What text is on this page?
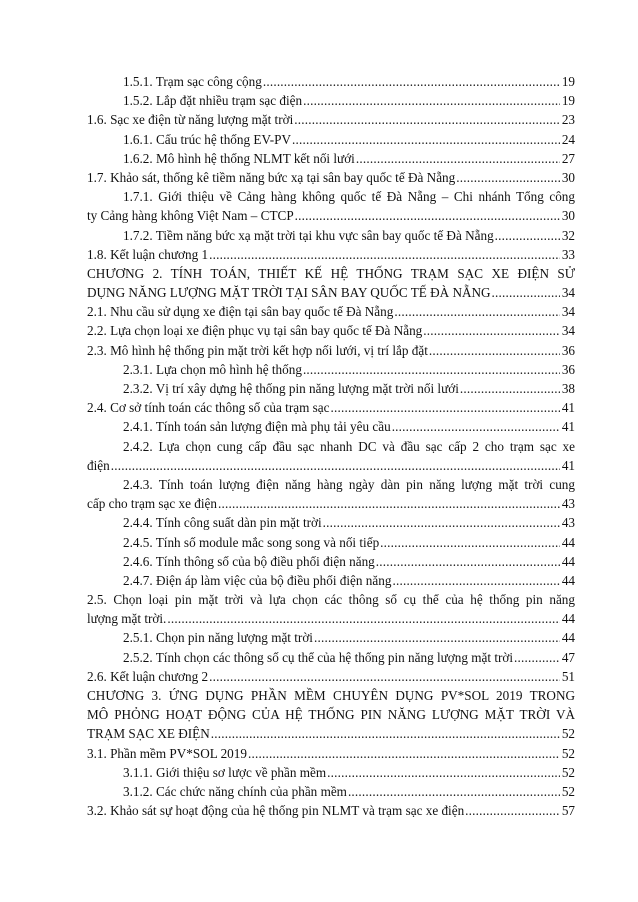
1.5.1. Trạm sạc công cộng .....	19
1.5.2. Lắp đặt nhiều trạm sạc điện .....	19
1.6. Sạc xe điện từ năng lượng mặt trời .....	23
1.6.1. Cấu trúc hệ thống EV-PV .....	24
1.6.2. Mô hình hệ thống NLMT kết nối lưới .....	27
1.7. Khảo sát, thống kê tiềm năng bức xạ tại sân bay quốc tế Đà Nẵng .....	30
1.7.1. Giới thiệu về Cảng hàng không quốc tế Đà Nẵng – Chi nhánh Tổng công
ty Cảng hàng không Việt Nam – CTCP .....	30
1.7.2. Tiềm năng bức xạ mặt trời tại khu vực sân bay quốc tế Đà Nẵng .....	32
1.8. Kết luận chương 1 .....	33
CHƯƠNG 2. TÍNH TOÁN, THIẾT KẾ HỆ THỐNG TRẠM SẠC XE ĐIỆN SỬ
DỤNG NĂNG LƯỢNG MẶT TRỜI TẠI SÂN BAY QUỐC TẾ ĐÀ NẴNG .....	34
2.1. Nhu cầu sử dụng xe điện tại sân bay quốc tế Đà Nẵng .....	34
2.2. Lựa chọn loại xe điện phục vụ tại sân bay quốc tế Đà Nẵng .....	34
2.3. Mô hình hệ thống pin mặt trời kết hợp nối lưới, vị trí lắp đặt .....	36
2.3.1. Lựa chọn mô hình hệ thống .....	36
2.3.2. Vị trí xây dựng hệ thống pin năng lượng mặt trời nối lưới .....	38
2.4. Cơ sở tính toán các thông số của trạm sạc .....	41
2.4.1. Tính toán sản lượng điện mà phụ tải yêu cầu .....	41
2.4.2. Lựa chọn cung cấp đầu sạc nhanh DC và đầu sạc cấp 2 cho trạm sạc xe
điện .....	41
2.4.3. Tính toán lượng điện năng hàng ngày dàn pin năng lượng mặt trời cung
cấp cho trạm sạc xe điện .....	43
2.4.4. Tính công suất dàn pin mặt trời .....	43
2.4.5. Tính số module mắc song song và nối tiếp .....	44
2.4.6. Tính thông số của bộ điều phối điện năng .....	44
2.4.7. Điện áp làm việc của bộ điều phối điện năng .....	44
2.5. Chọn loại pin mặt trời và lựa chọn các thông số cụ thể của hệ thống pin năng
lượng mặt trời. .....	44
2.5.1. Chọn pin năng lượng mặt trời .....	44
2.5.2. Tính chọn các thông số cụ thể của hệ thống pin năng lượng mặt trời .....	47
2.6. Kết luận chương 2 .....	51
CHƯƠNG 3. ỨNG DỤNG PHẦN MỀM CHUYÊN DỤNG PV*SOL 2019 TRONG
MÔ PHỎNG HOẠT ĐỘNG CỦA HỆ THỐNG PIN NĂNG LƯỢNG MẶT TRỜI VÀ
TRẠM SẠC XE ĐIỆN .....	52
3.1. Phần mềm PV*SOL 2019 .....	52
3.1.1. Giới thiệu sơ lược về phần mềm .....	52
3.1.2. Các chức năng chính của phần mềm .....	52
3.2. Khảo sát sự hoạt động của hệ thống pin NLMT và trạm sạc xe điện .....	57
